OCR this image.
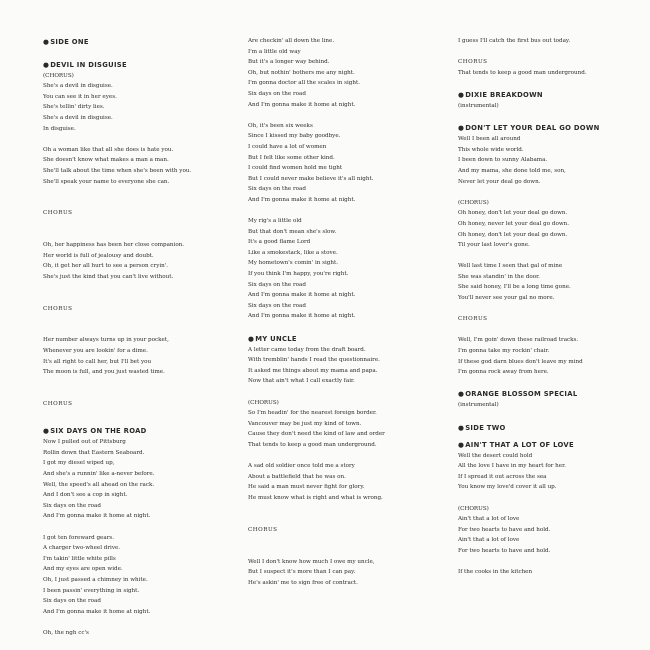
●SIDE ONE
●DEVIL IN DISGUISE
(CHORUS)
She's a devil in disguise.
You can see it in her eyes.
She's tellin' dirty lies.
She's a devil in disguise.
In disguise.
Oh a woman like that all she does is hate you.
She doesn't know what makes a man a man.
She'll talk about the time when she's been with you.
She'll speak your name to everyone she can.
CHORUS
Oh, her happiness has been her close companion.
Her world is full of jealousy and doubt.
Oh, it get her all hurt to see a person cryin'.
She's just the kind that you can't live without.
CHORUS
Her number always turns up in your pocket,
Whenever you are lookin' for a dime.
It's all right to call her, but I'll bet you
The moon is full, and you just wasted time.
CHORUS
●SIX DAYS ON THE ROAD
Now I pulled out of Pittsburg
Rollin down that Eastern Seaboard.
I got my diesel wiped up,
And she's a runnin' like a-never before.
Well, the speed's all ahead on the rack.
And I don't see a cop in sight.
Six days on the road
And I'm gonna make it home at night.
I got ten foreward gears.
A charger two-wheel drive.
I'm takin' little white pills
And my eyes are open wide.
Oh, I just passed a chimney in white.
I been passin' everything in sight.
Six days on the road
And I'm gonna make it home at night.
Oh, the ngh cc's
Are checkin' all down the line.
I'm a little old way
But it's a longer way behind.
Oh, but nothin' bothers me any night.
I'm gonna doctor all the scales in sight.
Six days on the road
And I'm gonna make it home at night.
Oh, it's been six weeks
Since I kissed my baby goodbye.
I could have a lot of women
But I felt like some other kind.
I could find women hold me tight
But I could never make believe it's all night.
Six days on the road
And I'm gonna make it home at night.
My rig's a little old
But that don't mean she's slow.
It's a good flame Lord
Like a smokestack, like a stove.
My hometown's comin' in sight.
If you think I'm happy, you're right.
Six days on the road
And I'm gonna make it home at night.
Six days on the road
And I'm gonna make it home at night.
●MY UNCLE
A letter came today from the draft board.
With tremblin' hands I read the questionnaire.
It asked me things about my mama and papa.
Now that ain't what I call exactly fair.
(CHORUS)
So I'm headin' for the nearest foreign border.
Vancouver may be just my kind of town.
Cause they don't need the kind of law and order
That tends to keep a good man underground.
A sad old soldier once told me a story
About a battlefield that he was on.
He said a man must never fight for glory.
He must know what is right and what is wrong.
CHORUS
Well I don't know how much I owe my uncle,
But I suspect it's more than I can pay.
He's askin' me to sign free of contract.
I guess I'll catch the first bus out today.
CHORUS
That tends to keep a good man underground.
●DIXIE BREAKDOWN
(instrumental)
●DON'T LET YOUR DEAL GO DOWN
Well I been all around
This whole wide world.
I been down to sunny Alabama.
And my mama, she done told me, son,
Never let your deal go down.
(CHORUS)
Oh honey, don't let your deal go down.
Oh honey, never let your deal go down.
Oh honey, don't let your deal go down.
Til your last lover's gone.
Well last time I seen that gal of mine
She was standin' in the door.
She said honey, I'll be a long time gone.
You'll never see your gal no more.
CHORUS
Well, I'm goin' down these railroad tracks.
I'm gonna take my rockin' chair.
If these god darn blues don't leave my mind
I'm gonna rock away from here.
●ORANGE BLOSSOM SPECIAL
(instrumental)
●SIDE TWO
●AIN'T THAT A LOT OF LOVE
Well the desert could hold
All the love I have in my heart for her.
If I spread it out across the sea
You know my love'd cover it all up.
(CHORUS)
Ain't that a lot of love
For two hearts to have and hold.
Ain't that a lot of love
For two hearts to have and hold.
If the cooks in the kitchen
